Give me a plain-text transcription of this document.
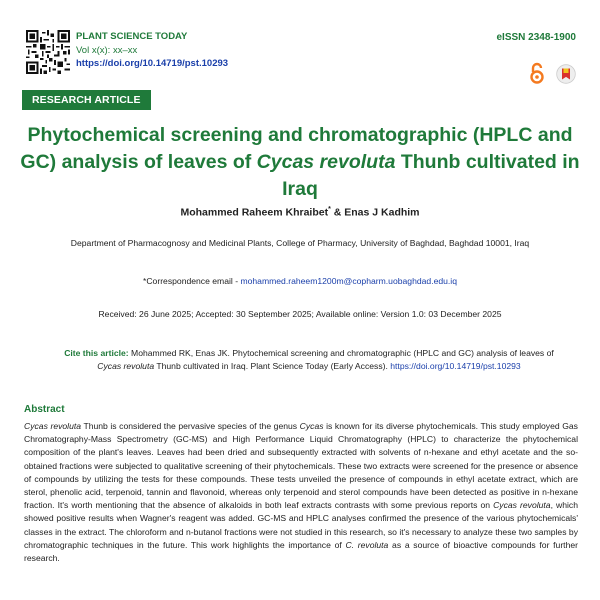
PLANT SCIENCE TODAY
Vol x(x): xx–xx
https://doi.org/10.14719/pst.10293
eISSN 2348-1900
RESEARCH ARTICLE
Phytochemical screening and chromatographic (HPLC and GC) analysis of leaves of Cycas revoluta Thunb cultivated in Iraq
Mohammed Raheem Khraibet* & Enas J Kadhim
Department of Pharmacognosy and Medicinal Plants, College of Pharmacy, University of Baghdad, Baghdad 10001, Iraq
*Correspondence email - mohammed.raheem1200m@copharm.uobaghdad.edu.iq
Received: 26 June 2025; Accepted: 30 September 2025; Available online: Version 1.0: 03 December 2025
Cite this article: Mohammed RK, Enas JK. Phytochemical screening and chromatographic (HPLC and GC) analysis of leaves of Cycas revoluta Thunb cultivated in Iraq. Plant Science Today (Early Access). https://doi.org/10.14719/pst.10293
Abstract

Cycas revoluta Thunb is considered the pervasive species of the genus Cycas is known for its diverse phytochemicals. This study employed Gas Chromatography-Mass Spectrometry (GC-MS) and High Performance Liquid Chromatography (HPLC) to characterize the phytochemical composition of the plant's leaves. Leaves had been dried and subsequently extracted with solvents of n-hexane and ethyl acetate and the so-obtained fractions were subjected to qualitative screening of their phytochemicals. These two extracts were screened for the presence or absence of compounds by utilizing the tests for these compounds. These tests unveiled the presence of compounds in ethyl acetate extract, which are sterol, phenolic acid, terpenoid, tannin and flavonoid, whereas only terpenoid and sterol compounds have been detected as positive in n-hexane fraction. It's worth mentioning that the absence of alkaloids in both leaf extracts contrasts with some previous reports on Cycas revoluta, which showed positive results when Wagner's reagent was added. GC-MS and HPLC analyses confirmed the presence of the various phytochemicals' classes in the extract. The chloroform and n-butanol fractions were not studied in this research, so it's necessary to analyze these two samples by chromatographic techniques in the future. This work highlights the importance of C. revoluta as a source of bioactive compounds for further research.
